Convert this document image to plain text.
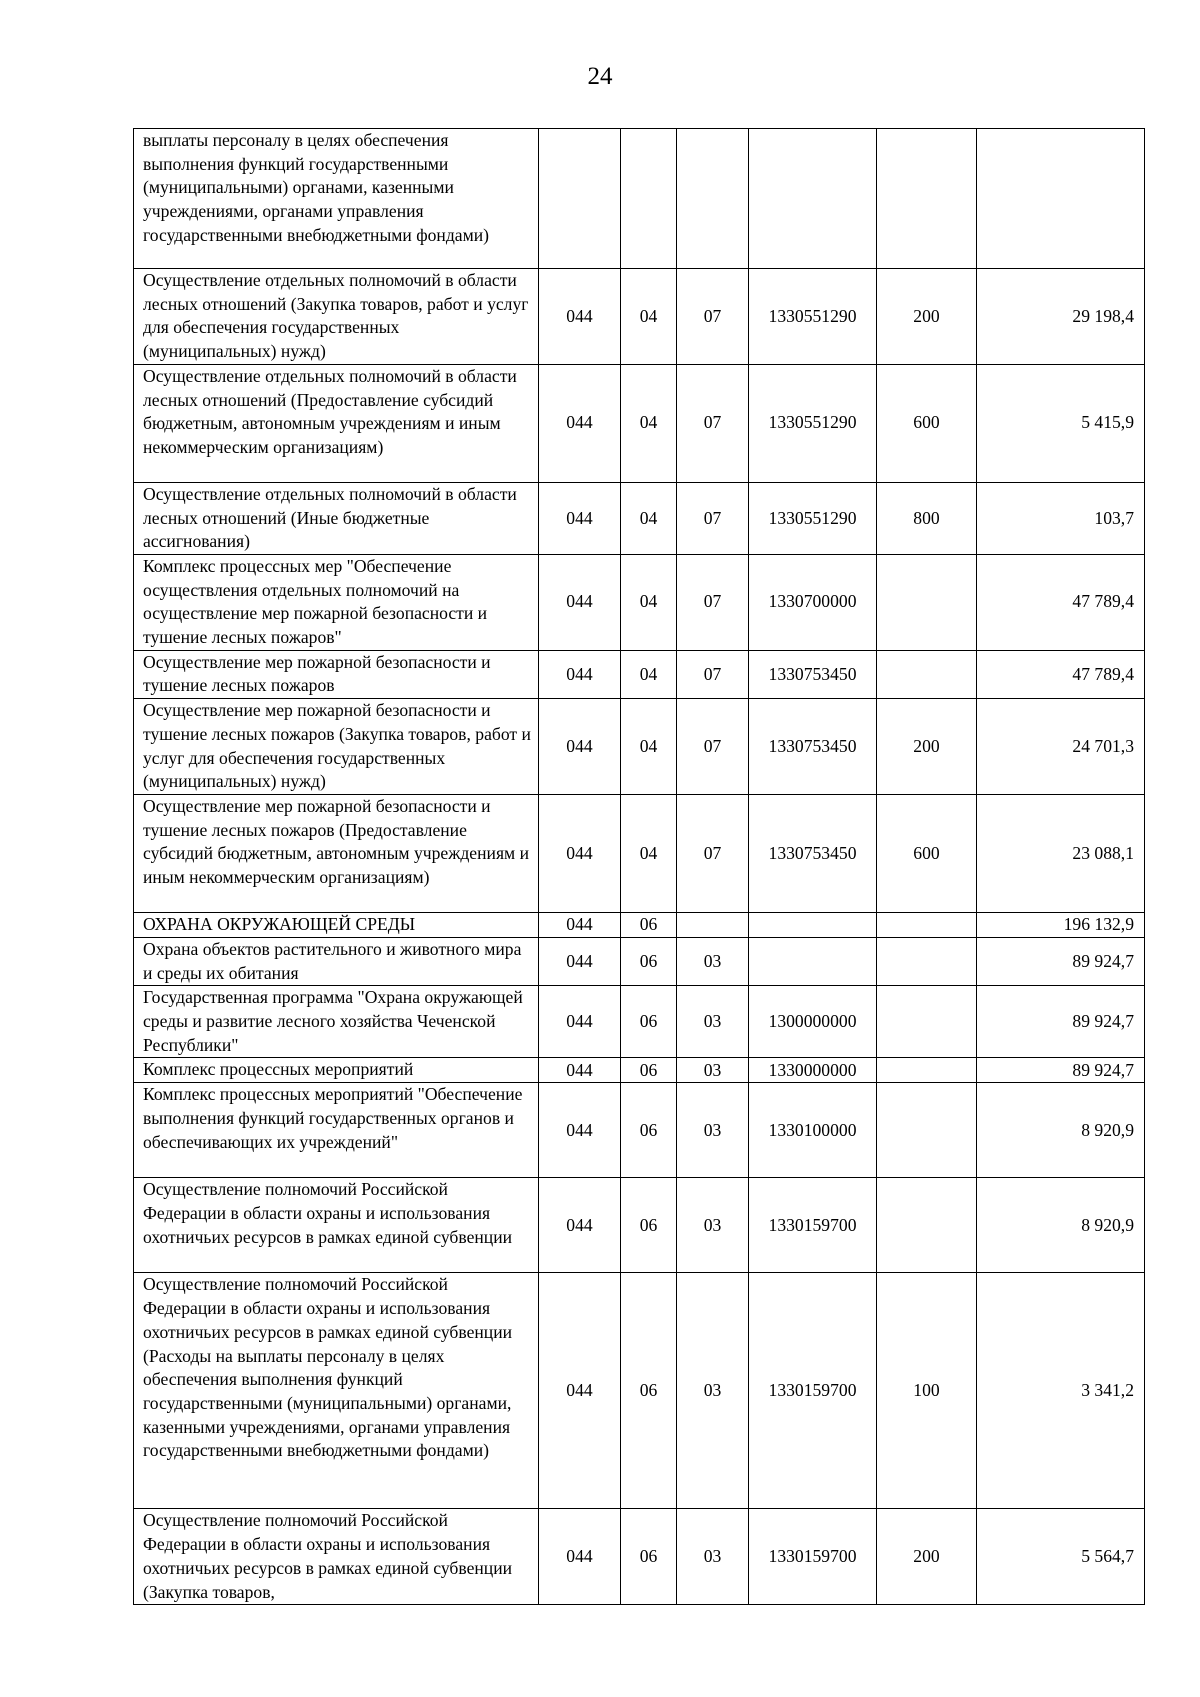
24
выплаты персоналу в целях обеспечения выполнения функций государственными (муниципальными) органами, казенными учреждениями, органами управления государственными внебюджетными фондами)						
Осуществление отдельных полномочий в области лесных отношений (Закупка товаров, работ и услуг для обеспечения государственных (муниципальных) нужд)	044	04	07	1330551290	200	29 198,4
Осуществление отдельных полномочий в области лесных отношений (Предоставление субсидий бюджетным, автономным учреждениям и иным некоммерческим организациям)	044	04	07	1330551290	600	5 415,9
Осуществление отдельных полномочий в области лесных отношений (Иные бюджетные ассигнования)	044	04	07	1330551290	800	103,7
Комплекс процессных мер "Обеспечение осуществления отдельных полномочий на осуществление мер пожарной безопасности и тушение лесных пожаров"	044	04	07	1330700000		47 789,4
Осуществление мер пожарной безопасности и тушение лесных пожаров	044	04	07	1330753450		47 789,4
Осуществление мер пожарной безопасности и тушение лесных пожаров (Закупка товаров, работ и услуг для обеспечения государственных (муниципальных) нужд)	044	04	07	1330753450	200	24 701,3
Осуществление мер пожарной безопасности и тушение лесных пожаров (Предоставление субсидий бюджетным, автономным учреждениям и иным некоммерческим организациям)	044	04	07	1330753450	600	23 088,1
ОХРАНА ОКРУЖАЮЩЕЙ СРЕДЫ	044	06				196 132,9
Охрана объектов растительного и животного мира и среды их обитания	044	06	03			89 924,7
Государственная программа "Охрана окружающей среды и развитие лесного хозяйства Чеченской Республики"	044	06	03	1300000000		89 924,7
Комплекс процессных мероприятий	044	06	03	1330000000		89 924,7
Комплекс процессных мероприятий "Обеспечение выполнения функций государственных органов и обеспечивающих их учреждений"	044	06	03	1330100000		8 920,9
Осуществление полномочий Российской Федерации в области охраны и использования охотничьих ресурсов в рамках единой субвенции	044	06	03	1330159700		8 920,9
Осуществление полномочий Российской Федерации в области охраны и использования охотничьих ресурсов в рамках единой субвенции (Расходы на выплаты персоналу в целях обеспечения выполнения функций государственными (муниципальными) органами, казенными учреждениями, органами управления государственными внебюджетными фондами)	044	06	03	1330159700	100	3 341,2
Осуществление полномочий Российской Федерации в области охраны и использования охотничьих ресурсов в рамках единой субвенции (Закупка товаров,	044	06	03	1330159700	200	5 564,7
